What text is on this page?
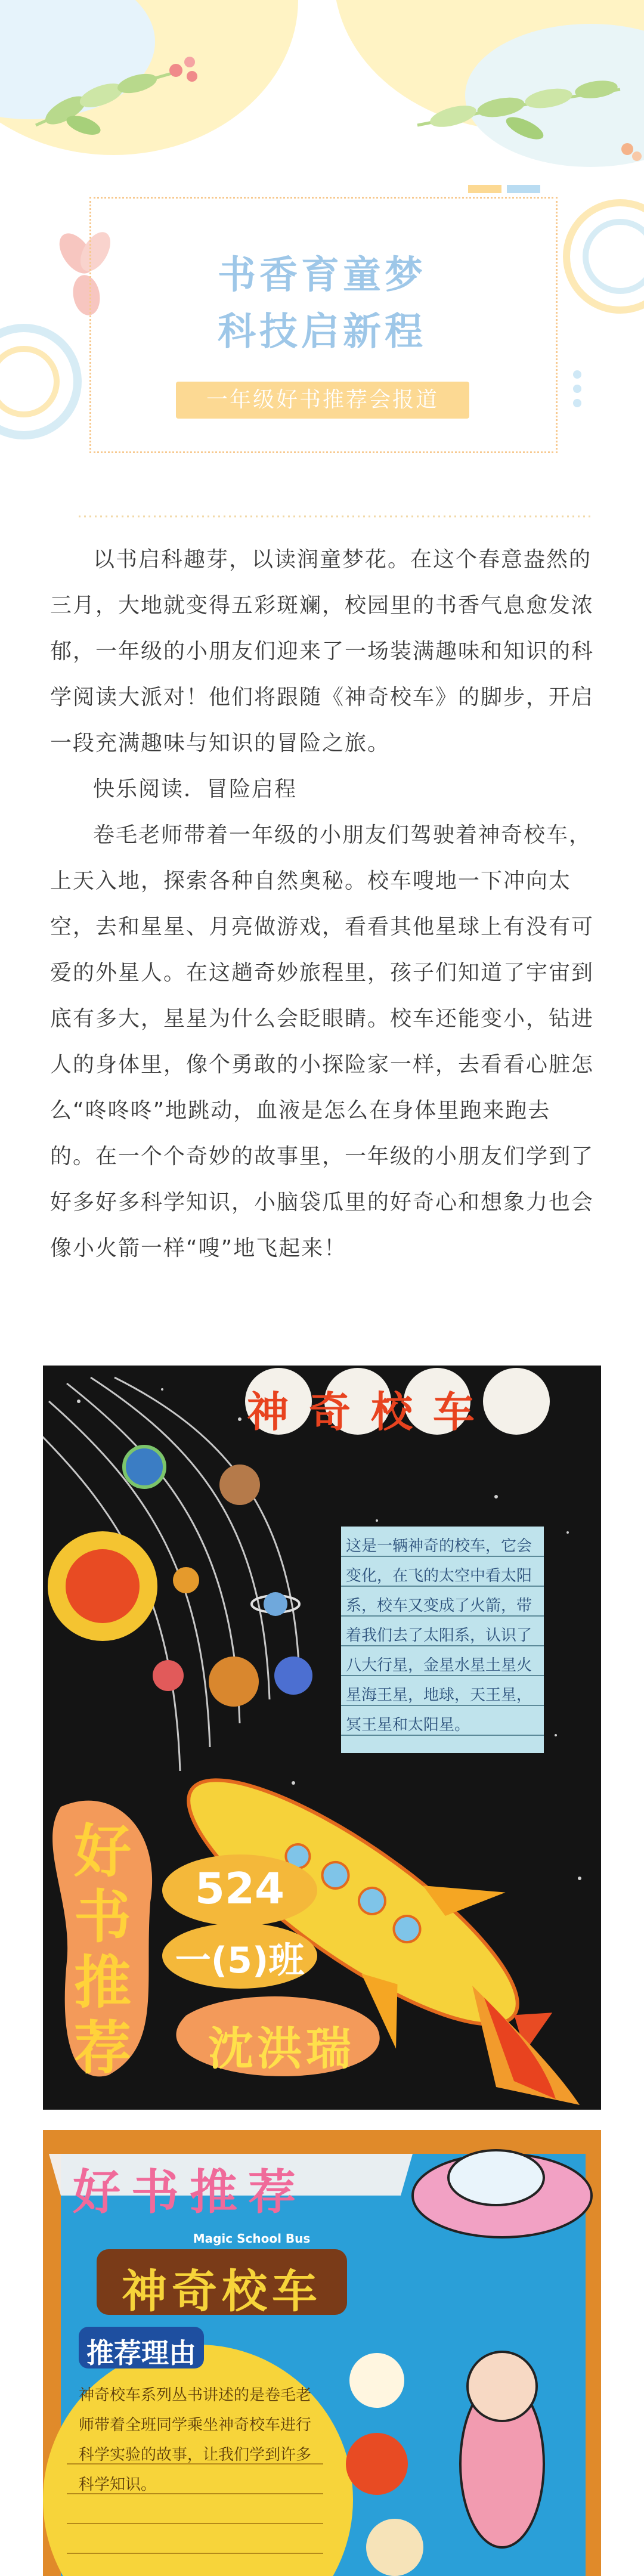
书香育童梦
科技启新程
一年级好书推荐会报道

以书启科趣芽，以读润童梦花。在这个春意盎然的三月，大地就变得五彩斑斓，校园里的书香气息愈发浓郁，一年级的小朋友们迎来了一场装满趣味和知识的科学阅读大派对！他们将跟随《神奇校车》的脚步，开启一段充满趣味与知识的冒险之旅。

快乐阅读．冒险启程

卷毛老师带着一年级的小朋友们驾驶着神奇校车，上天入地，探索各种自然奥秘。校车嗖地一下冲向太空，去和星星、月亮做游戏，看看其他星球上有没有可爱的外星人。在这趟奇妙旅程里，孩子们知道了宇宙到底有多大，星星为什么会眨眼睛。校车还能变小，钻进人的身体里，像个勇敢的小探险家一样，去看看心脏怎么“咚咚咚”地跳动，血液是怎么在身体里跑来跑去的。在一个个奇妙的故事里，一年级的小朋友们学到了好多好多科学知识，小脑袋瓜里的好奇心和想象力也会像小火箭一样“嗖”地飞起来！

神奇校车
这是一辆神奇的校车，它会变化，在飞的太空中看太阳系，校车又变成了火箭，带着我们去了太阳系，认识了八大行星，金星水星土星火星海王星，地球，天王星，冥王星和太阳星。
好书推荐
524
一(5)班
沈洪瑞
好书推荐
Magic School Bus
神奇校车
推荐理由
神奇校车系列丛书讲述的是卷毛老师带着全班同学乘坐神奇校车进行科学实验的故事，让我们学到许多科学知识。
